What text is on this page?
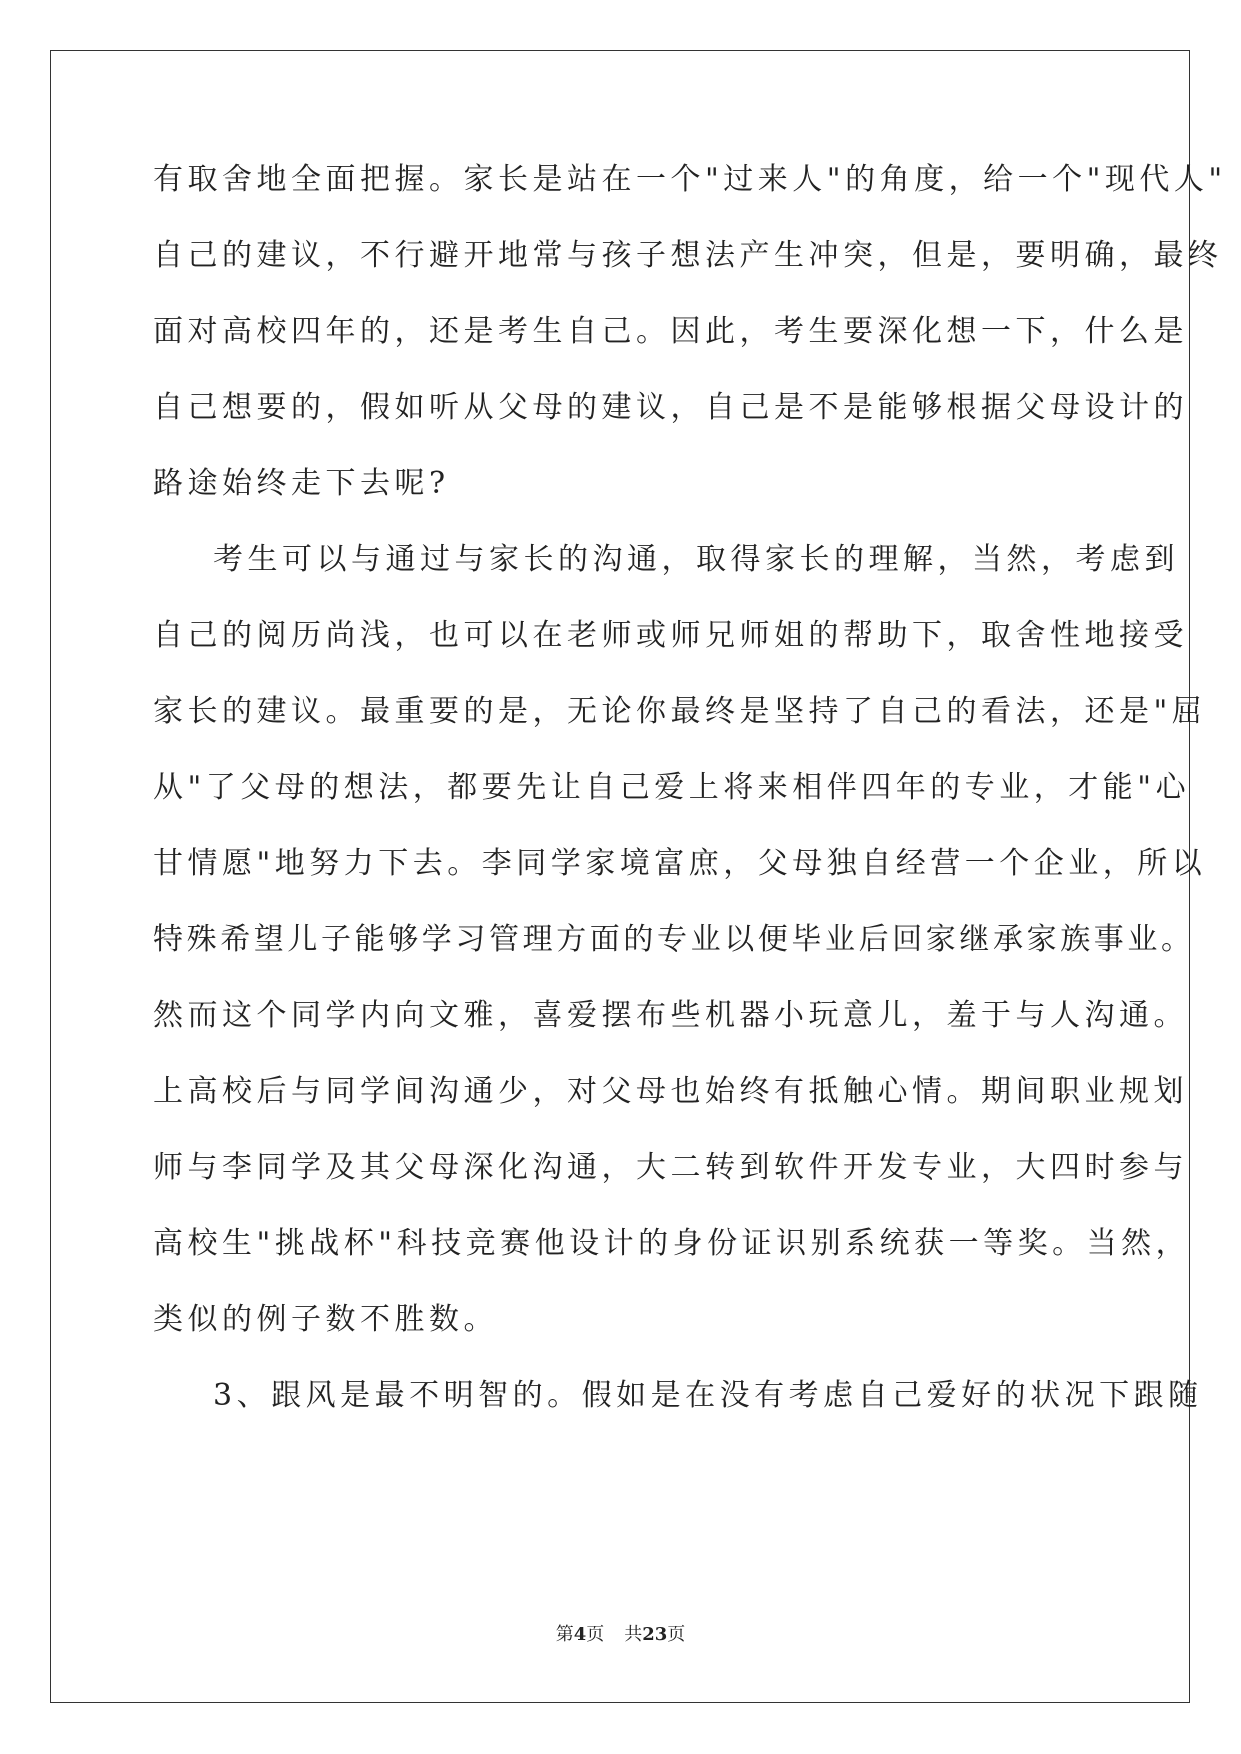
有取舍地全面把握。家长是站在一个"过来人"的角度，给一个"现代人"
自己的建议，不行避开地常与孩子想法产生冲突，但是，要明确，最终
面对高校四年的，还是考生自己。因此，考生要深化想一下，什么是
自己想要的，假如听从父母的建议，自己是不是能够根据父母设计的
路途始终走下去呢?
考生可以与通过与家长的沟通，取得家长的理解，当然，考虑到
自己的阅历尚浅，也可以在老师或师兄师姐的帮助下，取舍性地接受
家长的建议。最重要的是，无论你最终是坚持了自己的看法，还是"屈
从"了父母的想法，都要先让自己爱上将来相伴四年的专业，才能"心
甘情愿"地努力下去。李同学家境富庶，父母独自经营一个企业，所以
特殊希望儿子能够学习管理方面的专业以便毕业后回家继承家族事业。
然而这个同学内向文雅，喜爱摆布些机器小玩意儿，羞于与人沟通。
上高校后与同学间沟通少，对父母也始终有抵触心情。期间职业规划
师与李同学及其父母深化沟通，大二转到软件开发专业，大四时参与
高校生"挑战杯"科技竞赛他设计的身份证识别系统获一等奖。当然，
类似的例子数不胜数。
3、跟风是最不明智的。假如是在没有考虑自己爱好的状况下跟随
第4页 共23页
